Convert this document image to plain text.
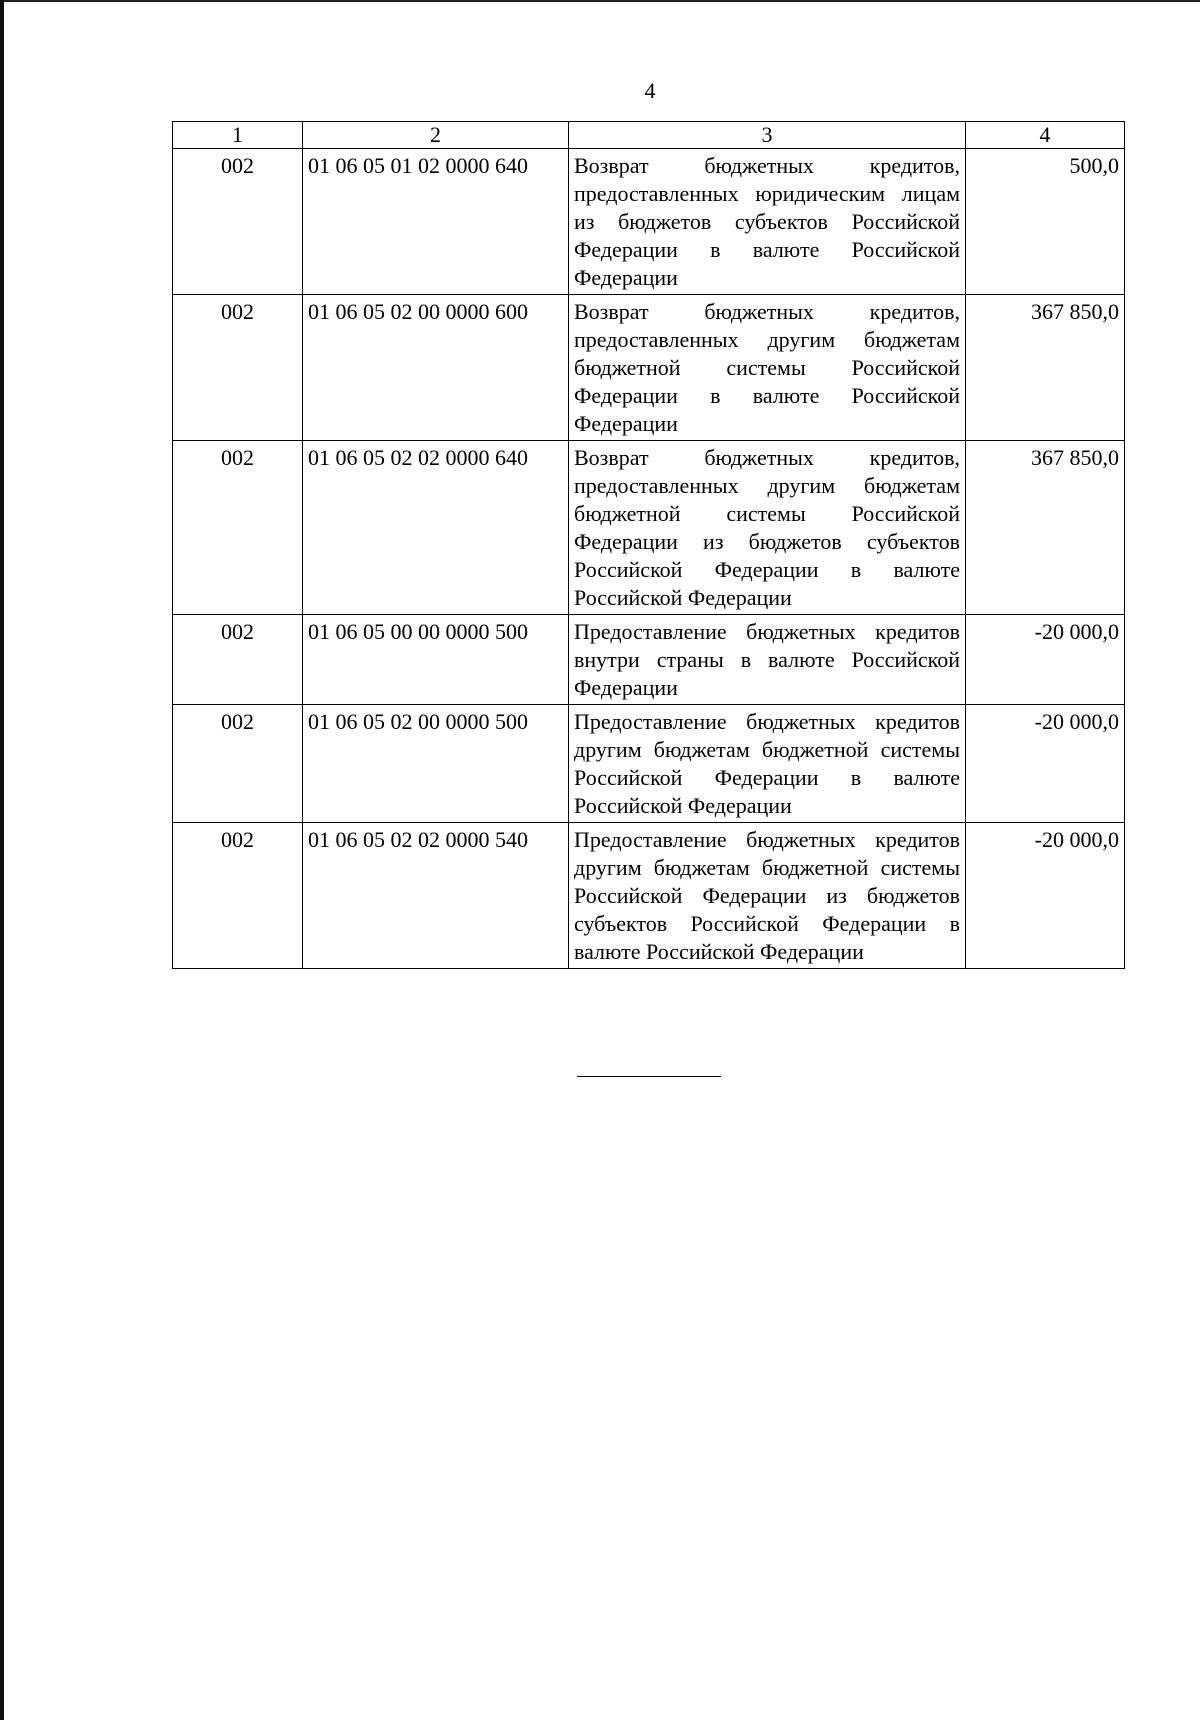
4
1	2	3	4
002	01 06 05 01 02 0000 640	Возврат бюджетных кредитов, предоставленных юридическим лицам из бюджетов субъектов Российской Федерации в валюте Российской Федерации	500,0
002	01 06 05 02 00 0000 600	Возврат бюджетных кредитов, предоставленных другим бюджетам бюджетной системы Российской Федерации в валюте Российской Федерации	367 850,0
002	01 06 05 02 02 0000 640	Возврат бюджетных кредитов, предоставленных другим бюджетам бюджетной системы Российской Федерации из бюджетов субъектов Российской Федерации в валюте Российской Федерации	367 850,0
002	01 06 05 00 00 0000 500	Предоставление бюджетных кредитов внутри страны в валюте Российской Федерации	-20 000,0
002	01 06 05 02 00 0000 500	Предоставление бюджетных кредитов другим бюджетам бюджетной системы Российской Федерации в валюте Российской Федерации	-20 000,0
002	01 06 05 02 02 0000 540	Предоставление бюджетных кредитов другим бюджетам бюджетной системы Российской Федерации из бюджетов субъектов Российской Федерации в валюте Российской Федерации	-20 000,0
